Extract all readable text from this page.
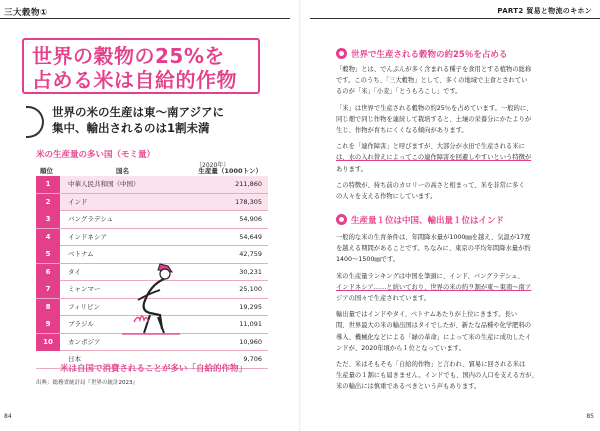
三大穀物①
世界の穀物の25%を
占める米は自給的作物
世界の米の生産は東〜南アジアに
集中、輸出されるのは1割未満
米の生産量の多い国（モミ量）
（2020年）
順位	国名	生産量（1000トン）
1	中華人民共和国（中国）	211,860
2	インド	178,305
3	バングラデシュ	54,906
4	インドネシア	54,649
5	ベトナム	42,759
6	タイ	30,231
7	ミャンマー	25,100
8	フィリピン	19,295
9	ブラジル	11,091
10	カンボジア	10,960
日本	9,706
米は自国で消費されることが多い「自給的作物」
出典：総務省統計局『世界の統計2023』
84
PART2 貿易と物流のキホン
世界で生産される穀物の約25％を占める

「穀物」とは、でんぷんが多く含まれる種子を食用とする植物の総称

です。このうち、「三大穀物」として、多くの地域で主食とされてい

るのが「米」「小麦」「とうもろこし」です。

「米」は世界で生産される穀物の約25％を占めています。一般的に、

同じ畑で同じ作物を連続して栽培すると、土壌の栄養分にかたよりが

生じ、作物が育ちにくくなる傾向があります。

これを「連作障害」と呼びますが、大部分が水田で生産される米に

は、水の入れ替えによってこの連作障害を回避しやすいという特徴が

あります。

この特徴が、持ち前のカロリーの高さと相まって、米を非常に多く

の人々を支える作物にしています。

生産量１位は中国、輸出量１位はインド

一般的な米の生育条件は、年間降水量が1000㎜を越え、気温が17度

を越える期間があることです。ちなみに、東京の平均年間降水量が約

1400〜1500㎜です。

米の生産量ランキングは中国を筆頭に、インド、バングラデシュ、

インドネシア……と続いており、世界の米の約９割が東〜東南〜南ア

ジアの国々で生産されています。

輸出量ではインドやタイ、ベトナムあたりが上位にきます。長い

間、世界最大の米の輸出国はタイでしたが、新たな品種や化学肥料の

導入、機械化などによる「緑の革命」によって米の生産に成功したイ

ンドが、2020年頃から１位となっています。

ただ、米はそもそも「自給的作物」と言われ、貿易に回される米は

生産量の１割にも届きません。インドでも、国内の人口を支える方が、

米の輸出には慎重であるべきという声もあります。

85
